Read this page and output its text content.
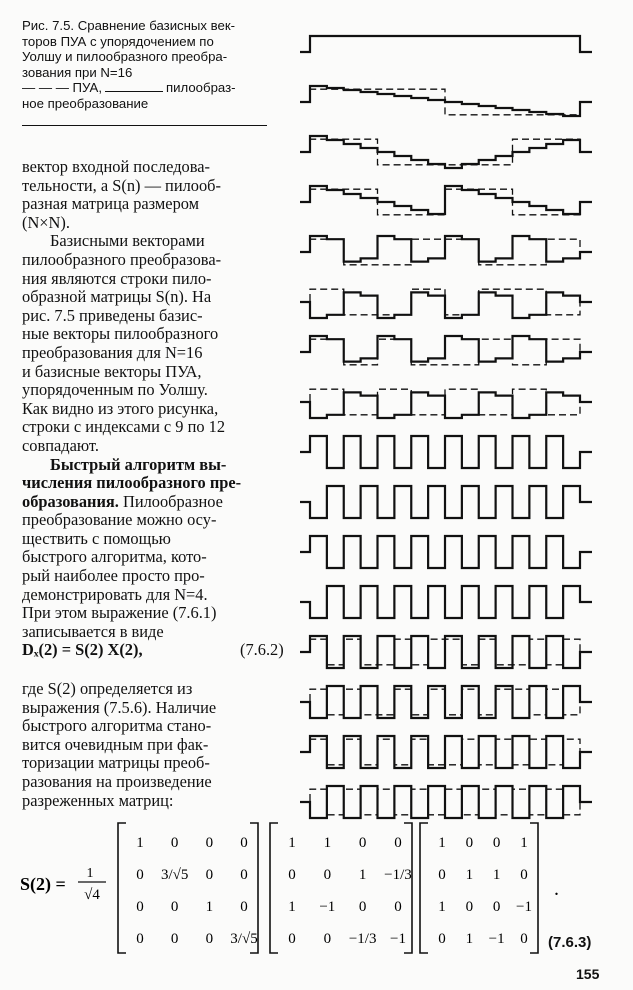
Рис. 7.5. Сравнение базисных век-
торов ПУА с упорядочением по
Уолшу и пилообразного преобра-
зования при N=16
— — — ПУА,	пилообраз-
ное преобразование

вектор входной последова-

тельности, а S(n) — пилооб-

разная матрица размером

(N×N).

Базисными векторами

пилообразного преобразова-

ния являются строки пило-

образной матрицы S(n). На

рис. 7.5 приведены базис-

ные векторы пилообразного

преобразования для N=16

и базисные векторы ПУА,

упорядоченным по Уолшу.

Как видно из этого рисунка,

строки с индексами с 9 по 12

совпадают.

Быстрый алгоритм вы-

числения пилообразного пре-

образования. Пилообразное

преобразование можно осу-

ществить с помощью

быстрого алгоритма, кото-

рый наиболее просто про-

демонстрировать для N=4.

При этом выражение (7.6.1)

записывается в виде

Dₓ(2) = S(2) X(2),	(7.6.2)

где S(2) определяется из

выражения (7.5.6). Наличие

быстрого алгоритма стано-

вится очевидным при фак-

торизации матрицы преоб-

разования на произведение

разреженных матриц:

S(2) =
1
√4
1 0 0 0
0 3/√5 0 0
0 0 1 0
0 0 0 3/√5
1 1 0 0
0 0 1 −1/3
1 −1 0 0
0 0 −1/3 −1
1 0 0 1
0 1 1 0
1 0 0 −1
0 1 −1 0
.
(7.6.3)
155
